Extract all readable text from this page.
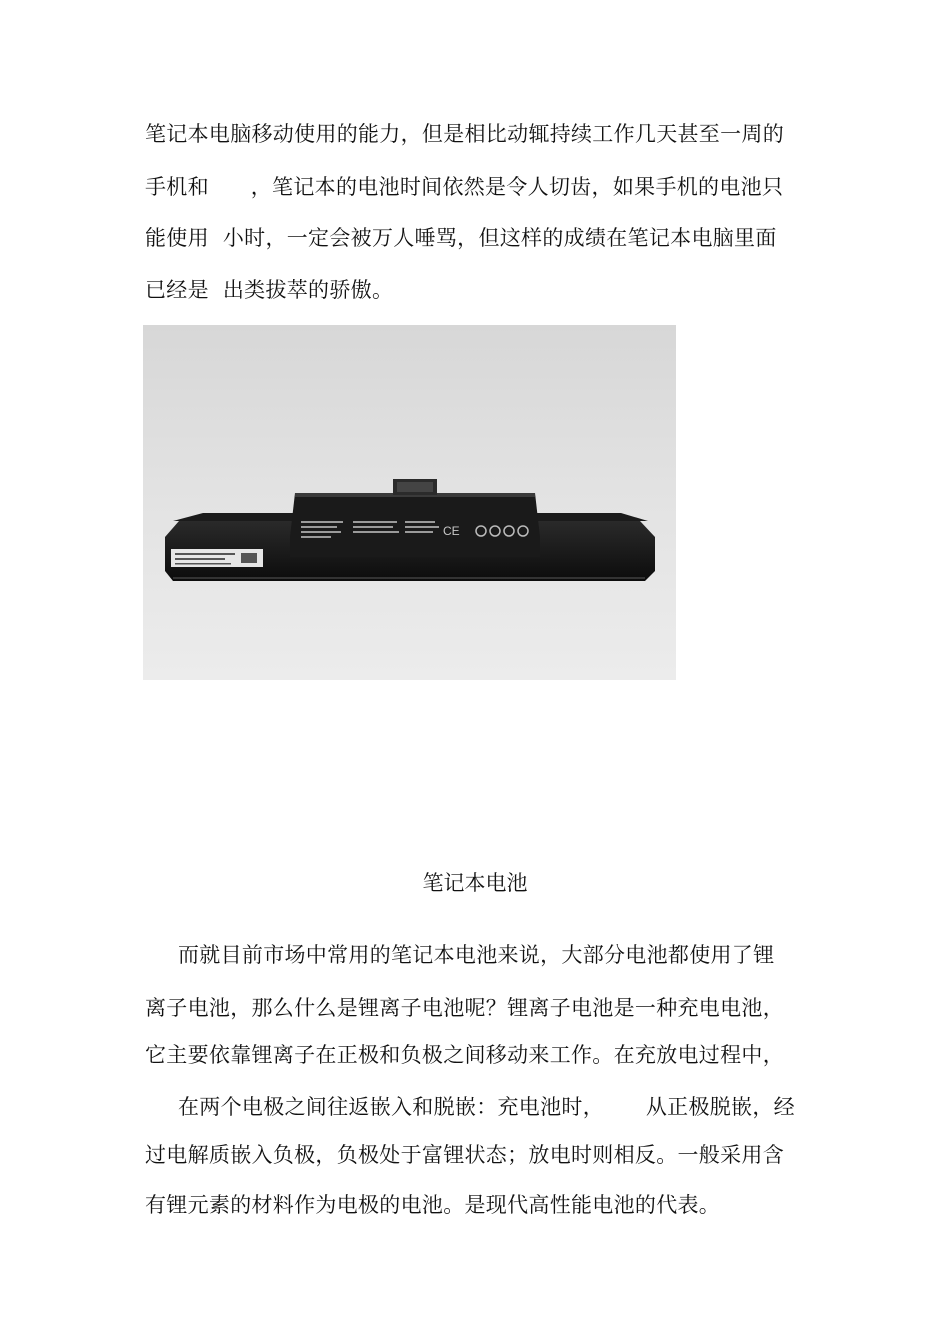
笔记本电脑移动使用的能力，但是相比动辄持续工作几天甚至一周的
手机和      ，笔记本的电池时间依然是令人切齿，如果手机的电池只
能使用  小时，一定会被万人唾骂，但这样的成绩在笔记本电脑里面
已经是  出类拔萃的骄傲。
CE
笔记本电池
而就目前市场中常用的笔记本电池来说，大部分电池都使用了锂
离子电池，那么什么是锂离子电池呢？锂离子电池是一种充电电池，
它主要依靠锂离子在正极和负极之间移动来工作。在充放电过程中，
在两个电极之间往返嵌入和脱嵌：充电池时，      从正极脱嵌，经
过电解质嵌入负极，负极处于富锂状态；放电时则相反。一般采用含
有锂元素的材料作为电极的电池。是现代高性能电池的代表。
